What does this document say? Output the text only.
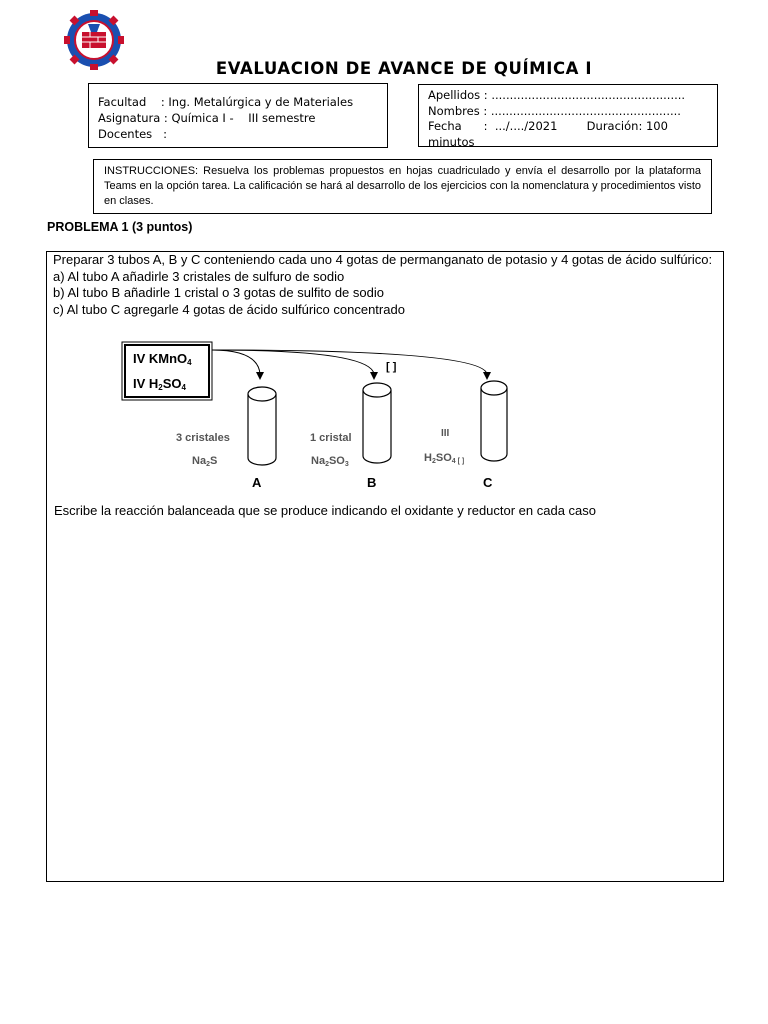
EVALUACION DE AVANCE DE QUÍMICA I
Facultad    : Ing. Metalúrgica y de Materiales
Asignatura : Química I -    III semestre
Docentes   :
Apellidos : .....................................................
Nombres : ....................................................
Fecha      :  .../..../2021        Duración: 100
minutos
INSTRUCCIONES: Resuelva los problemas propuestos en hojas cuadriculado y envía el desarrollo por la plataforma Teams en la opción tarea. La calificación se hará al desarrollo de los ejercicios con la nomenclatura y procedimientos visto en clases.
PROBLEMA 1 (3 puntos)
Preparar 3 tubos A, B y C conteniendo cada uno 4 gotas de permanganato de potasio y 4 gotas de ácido sulfúrico:
a) Al tubo A añadirle 3 cristales de sulfuro de sodio
b) Al tubo B añadirle 1 cristal o 3 gotas de sulfito de sodio
c) Al tubo C agregarle 4 gotas de ácido sulfúrico concentrado
IV KMnO4
IV H2SO4
[ ]
3 cristales
Na2S
1 cristal
Na2SO3
III
H2SO4 [ ]
A	B	C
Escribe la reacción balanceada que se produce indicando el oxidante y reductor en cada caso
